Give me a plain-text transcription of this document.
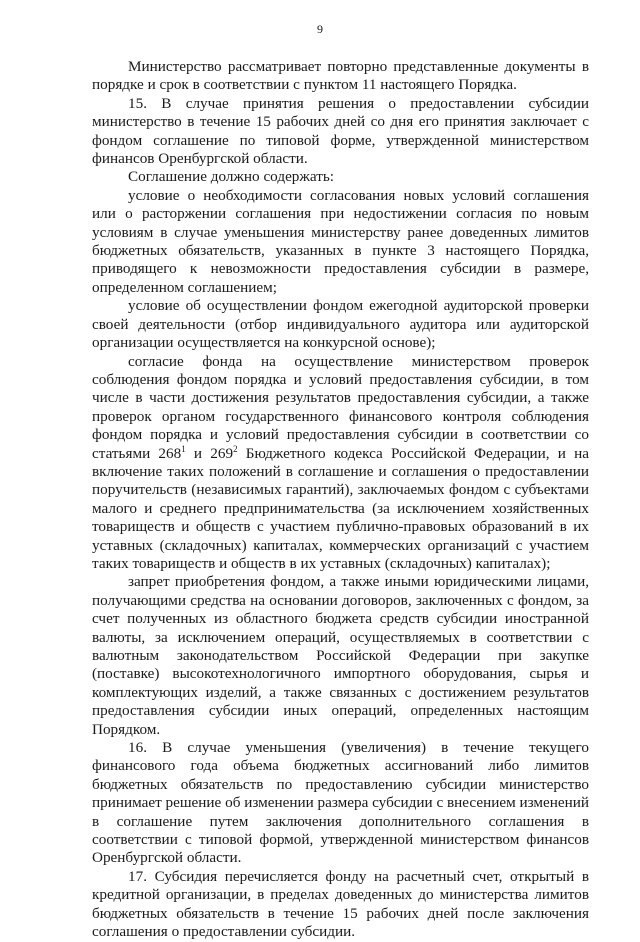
9

Министерство рассматривает повторно представленные документы в порядке и срок в соответствии с пунктом 11 настоящего Порядка.

15. В случае принятия решения о предоставлении субсидии министерство в течение 15 рабочих дней со дня его принятия заключает с фондом соглашение по типовой форме, утвержденной министерством финансов Оренбургской области.

Соглашение должно содержать:

условие о необходимости согласования новых условий соглашения или о расторжении соглашения при недостижении согласия по новым условиям в случае уменьшения министерству ранее доведенных лимитов бюджетных обязательств, указанных в пункте 3 настоящего Порядка, приводящего к невозможности предоставления субсидии в размере, определенном соглашением;

условие об осуществлении фондом ежегодной аудиторской проверки своей деятельности (отбор индивидуального аудитора или аудиторской организации осуществляется на конкурсной основе);

согласие фонда на осуществление министерством проверок соблюдения фондом порядка и условий предоставления субсидии, в том числе в части достижения результатов предоставления субсидии, а также проверок органом государственного финансового контроля соблюдения фондом порядка и условий предоставления субсидии в соответствии со статьями $268^1$ и $269^2$ Бюджетного кодекса Российской Федерации, и на включение таких положений в соглашение и соглашения о предоставлении поручительств (независимых гарантий), заключаемых фондом с субъектами малого и среднего предпринимательства (за исключением хозяйственных товариществ и обществ с участием публично-правовых образований в их уставных (складочных) капиталах, коммерческих организаций с участием таких товариществ и обществ в их уставных (складочных) капиталах);

запрет приобретения фондом, а также иными юридическими лицами, получающими средства на основании договоров, заключенных с фондом, за счет полученных из областного бюджета средств субсидии иностранной валюты, за исключением операций, осуществляемых в соответствии с валютным законодательством Российской Федерации при закупке (поставке) высокотехнологичного импортного оборудования, сырья и комплектующих изделий, а также связанных с достижением результатов предоставления субсидии иных операций, определенных настоящим Порядком.

16. В случае уменьшения (увеличения) в течение текущего финансового года объема бюджетных ассигнований либо лимитов бюджетных обязательств по предоставлению субсидии министерство принимает решение об изменении размера субсидии с внесением изменений в соглашение путем заключения дополнительного соглашения в соответствии с типовой формой, утвержденной министерством финансов Оренбургской области.

17. Субсидия перечисляется фонду на расчетный счет, открытый в кредитной организации, в пределах доведенных до министерства лимитов бюджетных обязательств в течение 15 рабочих дней после заключения соглашения о предоставлении субсидии.
